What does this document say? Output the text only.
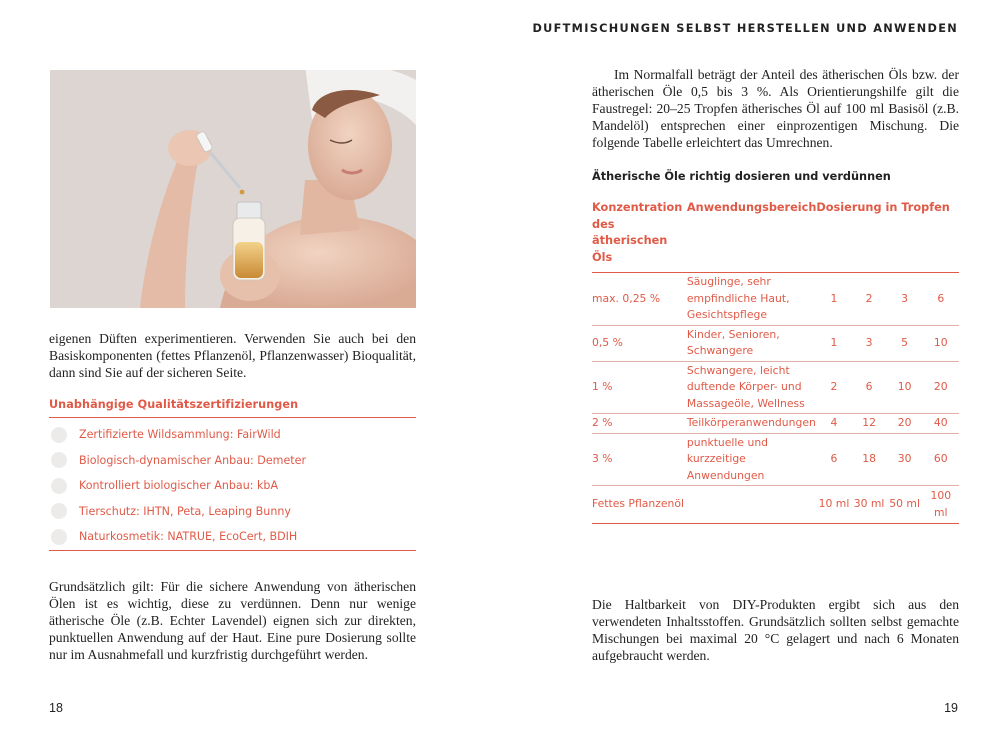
eigenen Düften experimentieren. Verwenden Sie auch bei den Basiskomponenten (fettes Pflanzenöl, Pflanzenwasser) Bioqualität, dann sind Sie auf der sicheren Seite.

Unabhängige Qualitätszertifizierungen
Zertifizierte Wildsammlung: FairWild
Biologisch-dynamischer Anbau: Demeter
Kontrolliert biologischer Anbau: kbA
Tierschutz: IHTN, Peta, Leaping Bunny
Naturkosmetik: NATRUE, EcoCert, BDIH

Grundsätzlich gilt: Für die sichere Anwendung von ätherischen Ölen ist es wichtig, diese zu verdünnen. Denn nur wenige ätherische Öle (z.B. Echter Lavendel) eignen sich zur direkten, punktuellen Anwendung auf der Haut. Eine pure Dosierung sollte nur im Ausnahmefall und kurzfristig durchgeführt werden.

18
DUFTMISCHUNGEN SELBST HERSTELLEN UND ANWENDEN

Im Normalfall beträgt der Anteil des ätherischen Öls bzw. der ätherischen Öle 0,5 bis 3 %. Als Orientierungshilfe gilt die Faustregel: 20–25 Tropfen ätherisches Öl auf 100 ml Basisöl (z.B. Mandelöl) entsprechen einer einprozentigen Mischung. Die folgende Tabelle erleichtert das Umrechnen.

Ätherische Öle richtig dosieren und verdünnen
Konzentration des ätherischen Öls	Anwendungsbereich	Dosierung in Tropfen			
max. 0,25 %	Säuglinge, sehr empfindliche Haut, Gesichtspflege	1	2	3	6
0,5 %	Kinder, Senioren, Schwangere	1	3	5	10
1 %	Schwangere, leicht duftende Körper- und Massageöle, Wellness	2	6	10	20
2 %	Teilkörperanwendungen	4	12	20	40
3 %	punktuelle und kurzzeitige Anwendungen	6	18	30	60
Fettes Pflanzenöl		10 ml	30 ml	50 ml	100 ml

Die Haltbarkeit von DIY-Produkten ergibt sich aus den verwendeten Inhaltsstoffen. Grundsätzlich sollten selbst gemachte Mischungen bei maximal 20 °C gelagert und nach 6 Monaten aufgebraucht werden.

19
